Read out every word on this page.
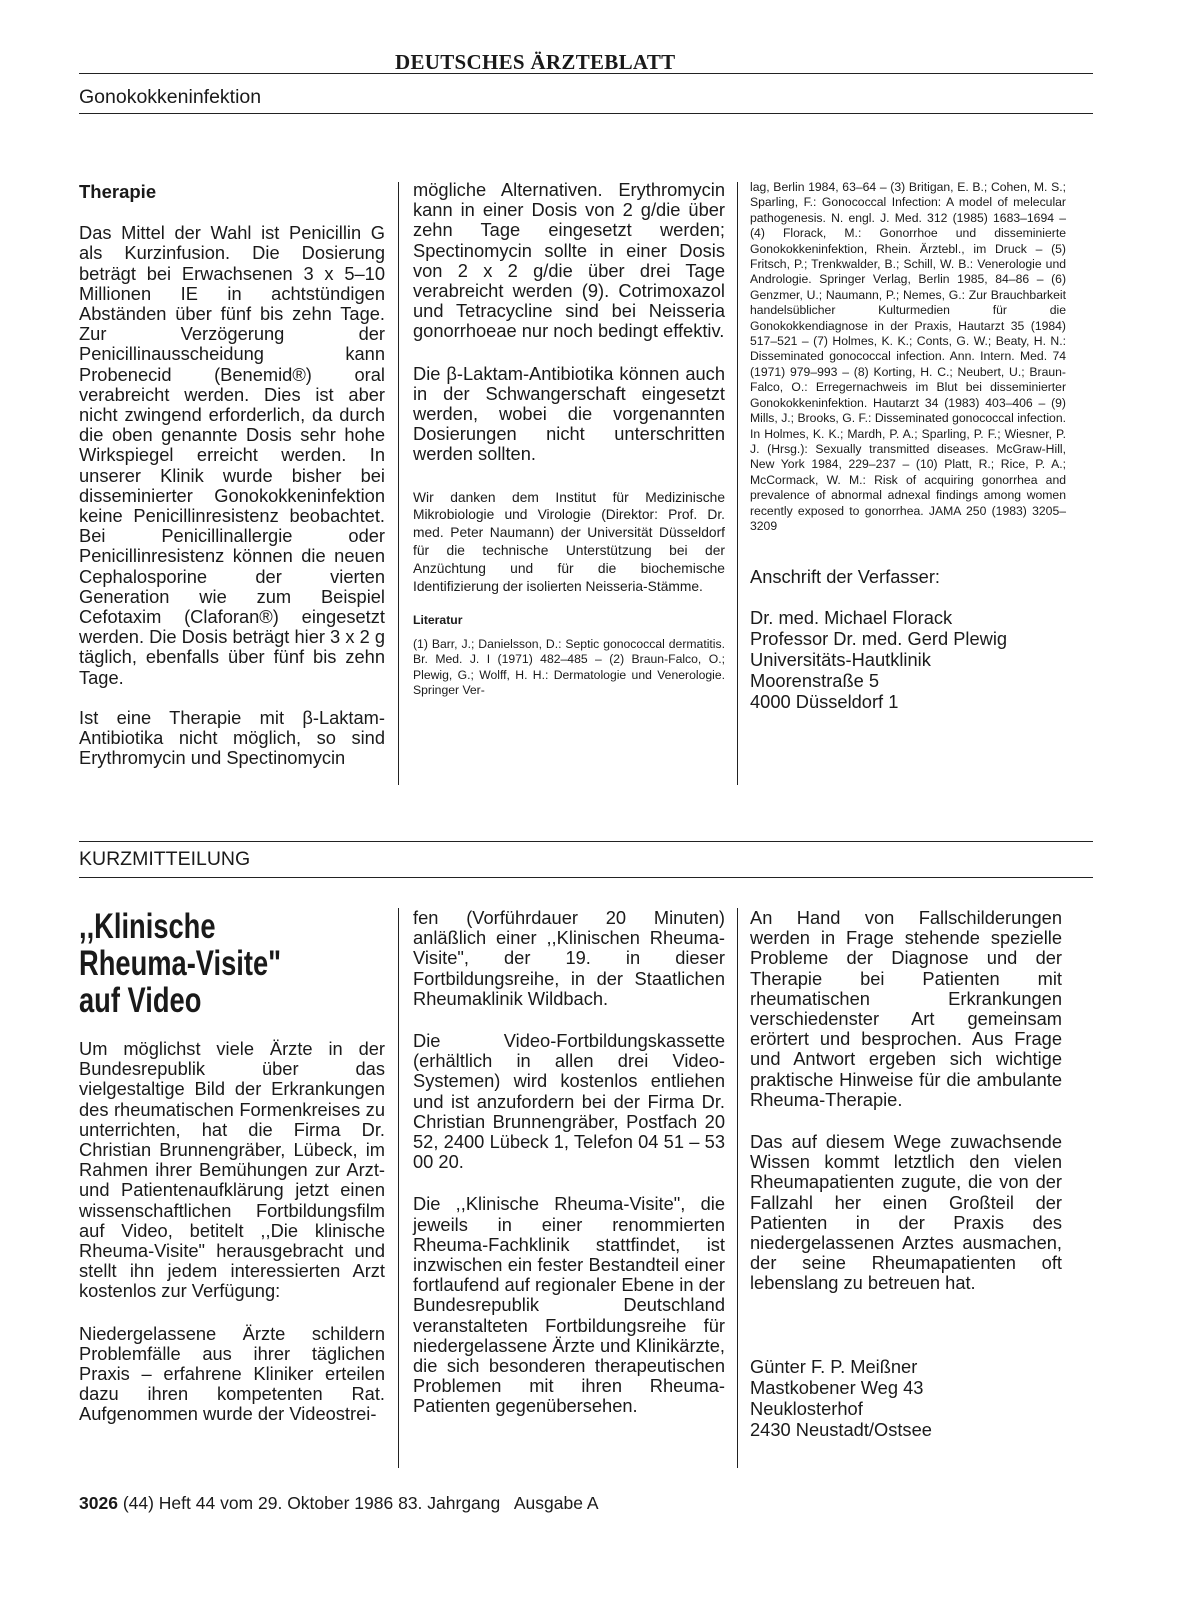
DEUTSCHES ÄRZTEBLATT
Gonokokkeninfektion
Therapie

Das Mittel der Wahl ist Penicillin G als Kurzinfusion. Die Dosierung beträgt bei Erwachsenen 3 x 5–10 Millionen IE in achtstündigen Abständen über fünf bis zehn Tage. Zur Verzögerung der Penicillinausscheidung kann Probenecid (Benemid®) oral verabreicht werden. Dies ist aber nicht zwingend erforderlich, da durch die oben genannte Dosis sehr hohe Wirkspiegel erreicht werden. In unserer Klinik wurde bisher bei disseminierter Gonokokkeninfektion keine Penicillinresistenz beobachtet. Bei Penicillinallergie oder Penicillinresistenz können die neuen Cephalosporine der vierten Generation wie zum Beispiel Cefotaxim (Claforan®) eingesetzt werden. Die Dosis beträgt hier 3 x 2 g täglich, ebenfalls über fünf bis zehn Tage.

Ist eine Therapie mit β-Laktam-Antibiotika nicht möglich, so sind Erythromycin und Spectinomycin

mögliche Alternativen. Erythromycin kann in einer Dosis von 2 g/die über zehn Tage eingesetzt werden; Spectinomycin sollte in einer Dosis von 2 x 2 g/die über drei Tage verabreicht werden (9). Cotrimoxazol und Tetracycline sind bei Neisseria gonorrhoeae nur noch bedingt effektiv.

Die β-Laktam-Antibiotika können auch in der Schwangerschaft eingesetzt werden, wobei die vorgenannten Dosierungen nicht unterschritten werden sollten.

Wir danken dem Institut für Medizinische Mikrobiologie und Virologie (Direktor: Prof. Dr. med. Peter Naumann) der Universität Düsseldorf für die technische Unterstützung bei der Anzüchtung und für die biochemische Identifizierung der isolierten Neisseria-Stämme.

Literatur

(1) Barr, J.; Danielsson, D.: Septic gonococcal dermatitis. Br. Med. J. I (1971) 482–485 – (2) Braun-Falco, O.; Plewig, G.; Wolff, H. H.: Dermatologie und Venerologie. Springer Ver-

lag, Berlin 1984, 63–64 – (3) Britigan, E. B.; Cohen, M. S.; Sparling, F.: Gonococcal Infection: A model of melecular pathogenesis. N. engl. J. Med. 312 (1985) 1683–1694 – (4) Florack, M.: Gonorrhoe und disseminierte Gonokokkeninfektion, Rhein. Ärztebl., im Druck – (5) Fritsch, P.; Trenkwalder, B.; Schill, W. B.: Venerologie und Andrologie. Springer Verlag, Berlin 1985, 84–86 – (6) Genzmer, U.; Naumann, P.; Nemes, G.: Zur Brauchbarkeit handelsüblicher Kulturmedien für die Gonokokkendiagnose in der Praxis, Hautarzt 35 (1984) 517–521 – (7) Holmes, K. K.; Conts, G. W.; Beaty, H. N.: Disseminated gonococcal infection. Ann. Intern. Med. 74 (1971) 979–993 – (8) Korting, H. C.; Neubert, U.; Braun-Falco, O.: Erregernachweis im Blut bei disseminierter Gonokokkeninfektion. Hautarzt 34 (1983) 403–406 – (9) Mills, J.; Brooks, G. F.: Disseminated gonococcal infection. In Holmes, K. K.; Mardh, P. A.; Sparling, P. F.; Wiesner, P. J. (Hrsg.): Sexually transmitted diseases. McGraw-Hill, New York 1984, 229–237 – (10) Platt, R.; Rice, P. A.; McCormack, W. M.: Risk of acquiring gonorrhea and prevalence of abnormal adnexal findings among women recently exposed to gonorrhea. JAMA 250 (1983) 3205–3209

Anschrift der Verfasser:
Dr. med. Michael Florack
Professor Dr. med. Gerd Plewig
Universitäts-Hautklinik
Moorenstraße 5
4000 Düsseldorf 1
KURZMITTEILUNG
,,Klinische
Rheuma-Visite"
auf Video

Um möglichst viele Ärzte in der Bundesrepublik über das vielgestaltige Bild der Erkrankungen des rheumatischen Formenkreises zu unterrichten, hat die Firma Dr. Christian Brunnengräber, Lübeck, im Rahmen ihrer Bemühungen zur Arzt- und Patientenaufklärung jetzt einen wissenschaftlichen Fortbildungsfilm auf Video, betitelt ,,Die klinische Rheuma-Visite" herausgebracht und stellt ihn jedem interessierten Arzt kostenlos zur Verfügung:

Niedergelassene Ärzte schildern Problemfälle aus ihrer täglichen Praxis – erfahrene Kliniker erteilen dazu ihren kompetenten Rat. Aufgenommen wurde der Videostrei-

fen (Vorführdauer 20 Minuten) anläßlich einer ,,Klinischen Rheuma-Visite", der 19. in dieser Fortbildungsreihe, in der Staatlichen Rheumaklinik Wildbach.

Die Video-Fortbildungskassette (erhältlich in allen drei Video-Systemen) wird kostenlos entliehen und ist anzufordern bei der Firma Dr. Christian Brunnengräber, Postfach 20 52, 2400 Lübeck 1, Telefon 04 51 – 53 00 20.

Die ,,Klinische Rheuma-Visite", die jeweils in einer renommierten Rheuma-Fachklinik stattfindet, ist inzwischen ein fester Bestandteil einer fortlaufend auf regionaler Ebene in der Bundesrepublik Deutschland veranstalteten Fortbildungsreihe für niedergelassene Ärzte und Klinikärzte, die sich besonderen therapeutischen Problemen mit ihren Rheuma-Patienten gegenübersehen.

An Hand von Fallschilderungen werden in Frage stehende spezielle Probleme der Diagnose und der Therapie bei Patienten mit rheumatischen Erkrankungen verschiedenster Art gemeinsam erörtert und besprochen. Aus Frage und Antwort ergeben sich wichtige praktische Hinweise für die ambulante Rheuma-Therapie.

Das auf diesem Wege zuwachsende Wissen kommt letztlich den vielen Rheumapatienten zugute, die von der Fallzahl her einen Großteil der Patienten in der Praxis des niedergelassenen Arztes ausmachen, der seine Rheumapatienten oft lebenslang zu betreuen hat.

Günter F. P. Meißner
Mastkobener Weg 43
Neuklosterhof
2430 Neustadt/Ostsee
3026 (44) Heft 44 vom 29. Oktober 1986 83. Jahrgang   Ausgabe A
